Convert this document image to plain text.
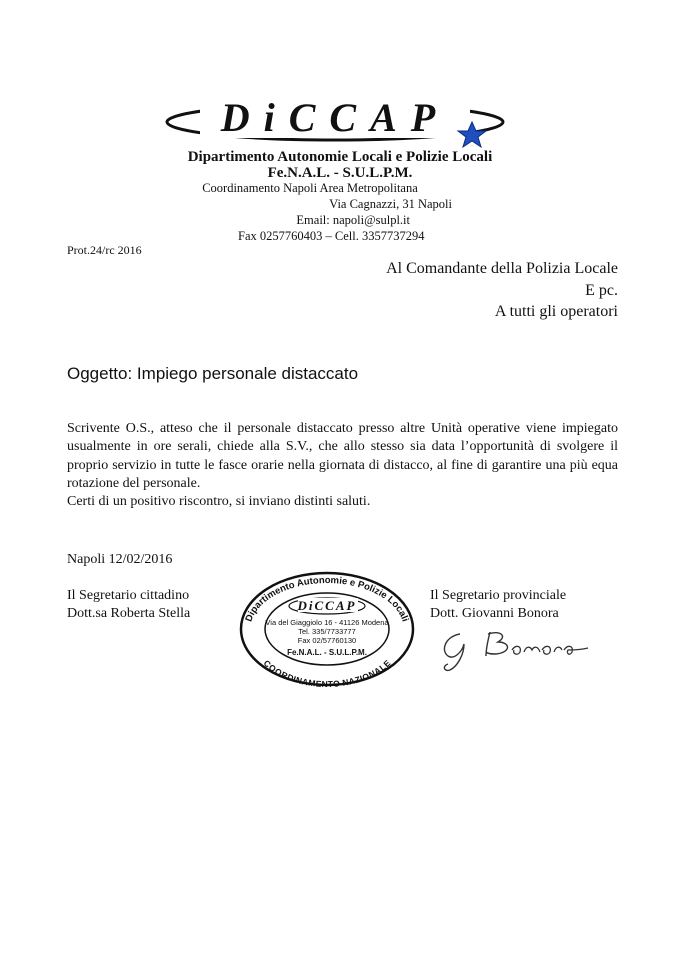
DiCCAP
Dipartimento Autonomie Locali e Polizie Locali
Fe.N.A.L. - S.U.L.P.M.
Coordinamento Napoli Area Metropolitana
Via Cagnazzi, 31 Napoli
Email: napoli@sulpl.it
Fax 0257760403 – Cell. 3357737294
Prot.24/rc 2016
Al Comandante della Polizia Locale
E pc.
A tutti gli operatori
Oggetto: Impiego personale distaccato

Scrivente O.S., atteso che il personale distaccato presso altre Unità operative viene impiegato usualmente in ore serali, chiede alla S.V., che allo stesso sia data l’opportunità di svolgere il proprio servizio in tutte le fasce orarie nella giornata di distacco, al fine di garantire una più equa rotazione del personale.

Certi di un positivo riscontro, si inviano distinti saluti.

Napoli 12/02/2016
Il Segretario cittadino
Dott.sa Roberta Stella
Il Segretario provinciale
Dott. Giovanni Bonora
Dipartimento Autonomie e Polizie Locali
COORDINAMENTO NAZIONALE
DiCCAP
Via del Giaggiolo 16 - 41126 Modena
Tel. 335/7733777
Fax 02/57760130
Fe.N.A.L. - S.U.L.P.M.
